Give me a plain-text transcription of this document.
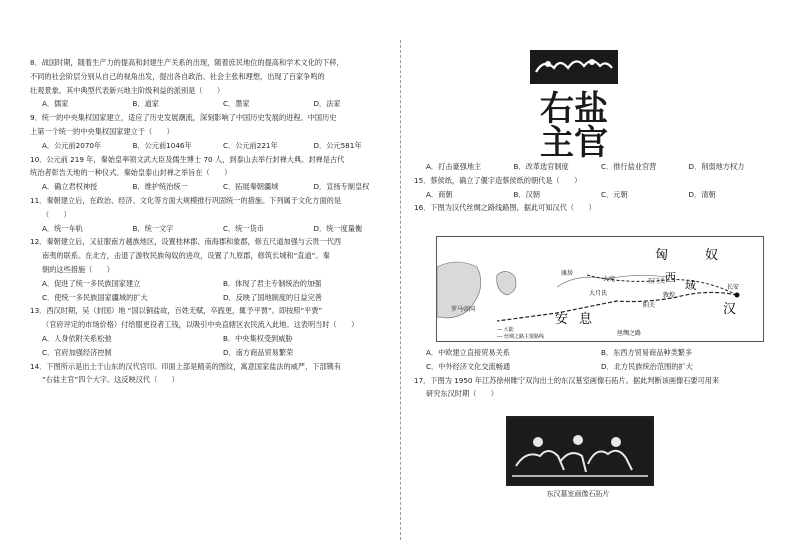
8．战国时期，随着生产力的提高和封建生产关系的出现，随着庶民地位的提高和学术文化的下移，

不同的社会阶层分别从自己的视角出发，提出各自政治、社会主张和理想，出现了百家争鸣的

壮观景象。其中典型代表新兴地主阶级利益的派别是（　　）

A．儒家	B．道家	C．墨家	D．法家

9．统一的中央集权国家建立，适应了历史发展潮流，深刻影响了中国历史发展的进程。中国历史

上第一个统一的中央集权国家建立于（　　）

A．公元前2070年	B．公元前1046年	C．公元前221年	D．公元581年

10．公元前 219 年，秦始皇率领文武大臣及儒生博士 70 人，到泰山去举行封禅大典。封禅是古代

统治者彰告天地的一种仪式。秦始皇泰山封禅之举旨在（　　）

A．确立君权神授	B．维护统治统一	C．拓展秦朝疆域	D．宣扬专制皇权

11．秦朝建立后，在政治、经济、文化等方面大规模推行巩固统一的措施。下列属于文化方面的是

（　　）

A．统一车轨	B．统一文字	C．统一货币	D．统一度量衡

12．秦朝建立后，又征服南方越族地区，设置桂林郡、南海郡和象郡，修五尺道加强与云贵一代西

南夷的联系。在北方，击退了游牧民族匈奴的进攻，设置了九原郡，修筑长城和“直道”。秦

朝的这些措施（　　）

A．促进了统一多民族国家建立	B．体现了君主专制统治的加强
C．使统一多民族国家疆域的扩大	D．反映了国地制度的日益完善

13．西汉时期，吴（封国）地 “国以铜盐故，百姓无赋，卒践更，辄予平贾”。即按照“平贾”

（官府评定的市场价格）付给服更役者工钱，以吸引中央直辖区农民流入此地。这表明当时（　　）

A．人身依附关系松弛	B．中央集权受到威胁
C．官府加强经济控制	D．南方商品贸易繁荣

14．下图所示是出土于山东的汉代官印。印面上部是精美的图纹，寓意国家盐法的威严，下部镌有

“右盐主官”四个大字。这反映汉代（　　）

右盐
主官
A．打击豪强地主	B．改革选官制度	C．推行盐业官营	D．削弱地方权力

15．蔡侯纸，确立了偃字造蔡侯纸的朝代是（　　）

A．商朝	B．汉朝	C．元朝	D．清朝

16．下图为汉代丝绸之路线路图，据此可知汉代（　　）

匈	奴
西
域
汉
安 息
长安
敦煌
玉门关
阳关
大月氏
康居
大宛
罗马帝国
丝绸之路
— 大陆
--- 丝绸之路主要路线
A．中欧建立直接贸易关系	B．东西方贸易商品种类繁多
C．中外经济文化交流畅通	D．北方民族统治范围的扩大

17．下图为 1950 年江苏徐州睢宁双沟出土的东汉墓室画像石拓片。据此判断该画像石要可用来

研究东汉时期（　　）

东汉墓室画像石拓片
